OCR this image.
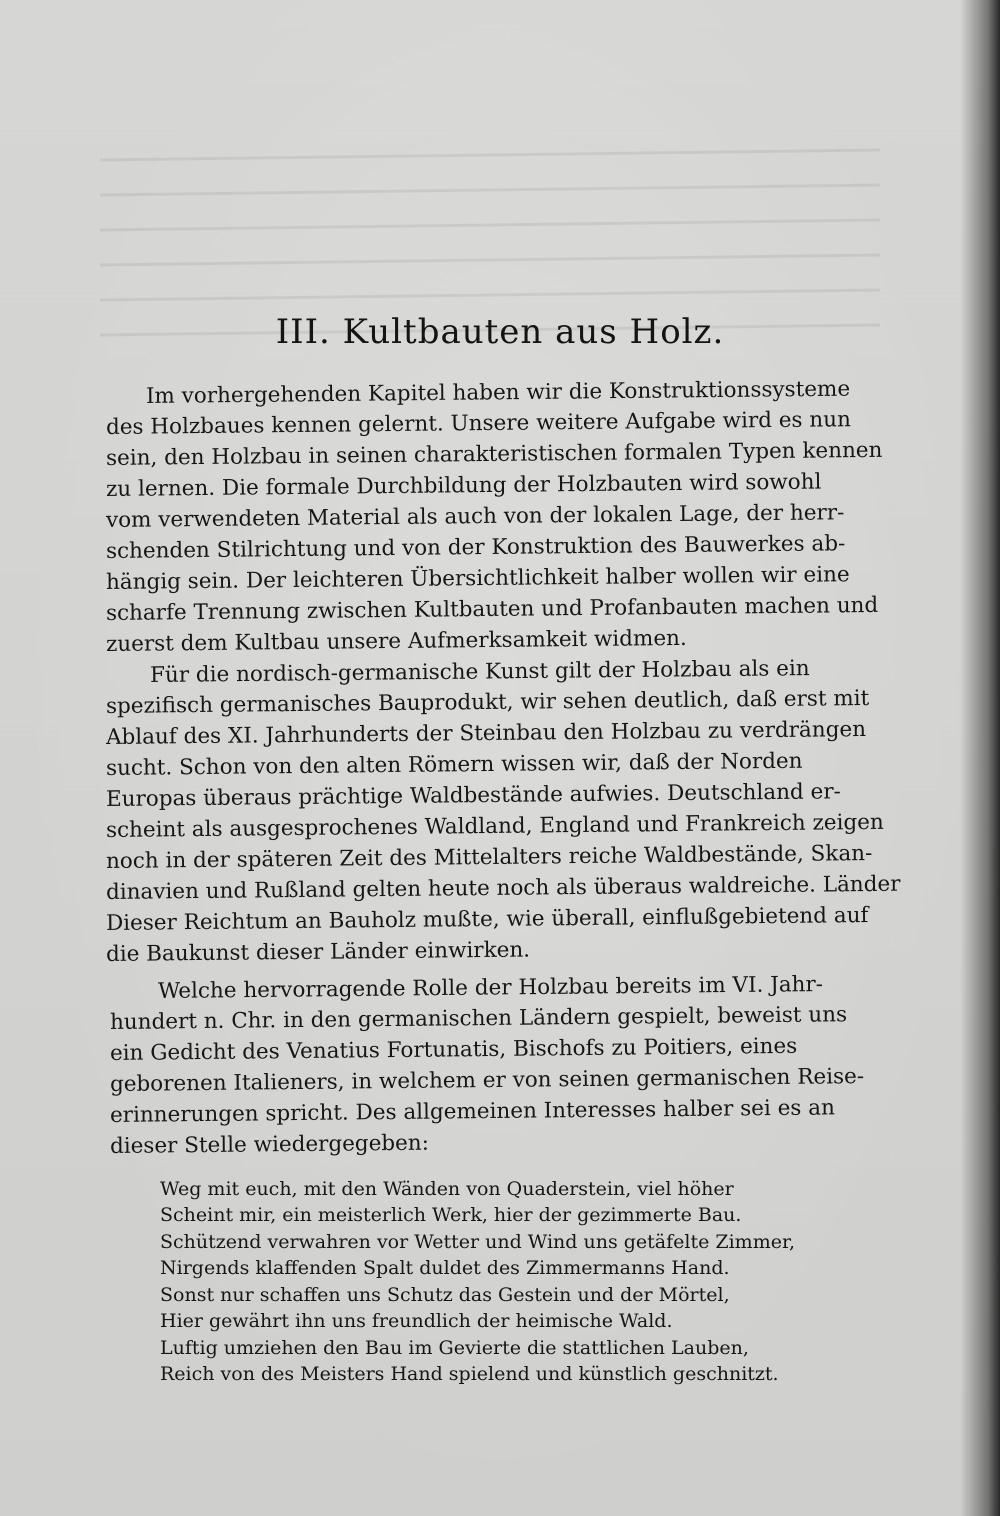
III. Kultbauten aus Holz.
Im vorhergehenden Kapitel haben wir die Konstruktionssysteme
des Holzbaues kennen gelernt. Unsere weitere Aufgabe wird es nun
sein, den Holzbau in seinen charakteristischen formalen Typen kennen
zu lernen. Die formale Durchbildung der Holzbauten wird sowohl
vom verwendeten Material als auch von der lokalen Lage, der herr‑
schenden Stilrichtung und von der Konstruktion des Bauwerkes ab‑
hängig sein. Der leichteren Übersichtlichkeit halber wollen wir eine
scharfe Trennung zwischen Kultbauten und Profanbauten machen und
zuerst dem Kultbau unsere Aufmerksamkeit widmen.
Für die nordisch‑germanische Kunst gilt der Holzbau als ein
spezifisch germanisches Bauprodukt, wir sehen deutlich, daß erst mit
Ablauf des XI. Jahrhunderts der Steinbau den Holzbau zu verdrängen
sucht. Schon von den alten Römern wissen wir, daß der Norden
Europas überaus prächtige Waldbestände aufwies. Deutschland er‑
scheint als ausgesprochenes Waldland, England und Frankreich zeigen
noch in der späteren Zeit des Mittelalters reiche Waldbestände, Skan‑
dinavien und Rußland gelten heute noch als überaus waldreiche. Länder
Dieser Reichtum an Bauholz mußte, wie überall, einflußgebietend auf
die Baukunst dieser Länder einwirken.
Welche hervorragende Rolle der Holzbau bereits im VI. Jahr‑
hundert n. Chr. in den germanischen Ländern gespielt, beweist uns
ein Gedicht des Venatius Fortunatis, Bischofs zu Poitiers, eines
geborenen Italieners, in welchem er von seinen germanischen Reise‑
erinnerungen spricht. Des allgemeinen Interesses halber sei es an
dieser Stelle wiedergegeben:
Weg mit euch, mit den Wänden von Quaderstein, viel höher
Scheint mir, ein meisterlich Werk, hier der gezimmerte Bau.
Schützend verwahren vor Wetter und Wind uns getäfelte Zimmer,
Nirgends klaffenden Spalt duldet des Zimmermanns Hand.
Sonst nur schaffen uns Schutz das Gestein und der Mörtel,
Hier gewährt ihn uns freundlich der heimische Wald.
Luftig umziehen den Bau im Gevierte die stattlichen Lauben,
Reich von des Meisters Hand spielend und künstlich geschnitzt.
